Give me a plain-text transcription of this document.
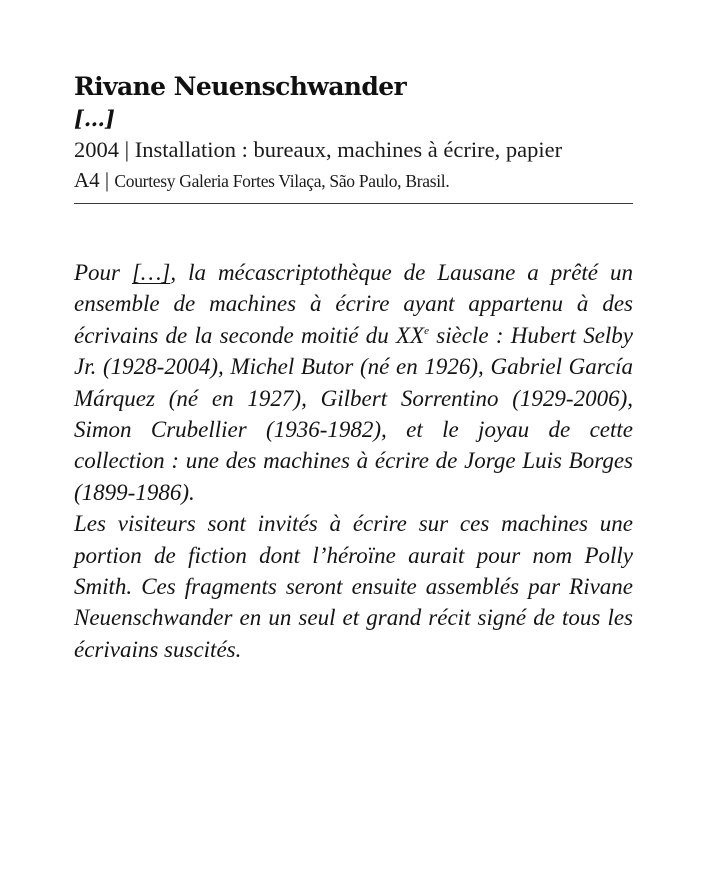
Rivane Neuenschwander
[…]

2004 | Installation : bureaux, machines à écrire, papier

A4 | Courtesy Galeria Fortes Vilaça, São Paulo, Brasil.

Pour […], la mécascriptothèque de Lausane a prêté un ensemble de machines à écrire ayant appartenu à des écrivains de la seconde moitié du XXe siècle : Hubert Selby Jr. (1928-2004), Michel Butor (né en 1926), Gabriel García Márquez (né en 1927), Gilbert Sorrentino (1929-2006), Simon Crubellier (1936-1982), et le joyau de cette collection : une des machines à écrire de Jorge Luis Borges (1899-1986).

Les visiteurs sont invités à écrire sur ces machines une portion de fiction dont l’héroïne aurait pour nom Polly Smith. Ces fragments seront ensuite assemblés par Rivane Neuenschwander en un seul et grand récit signé de tous les écrivains suscités.
